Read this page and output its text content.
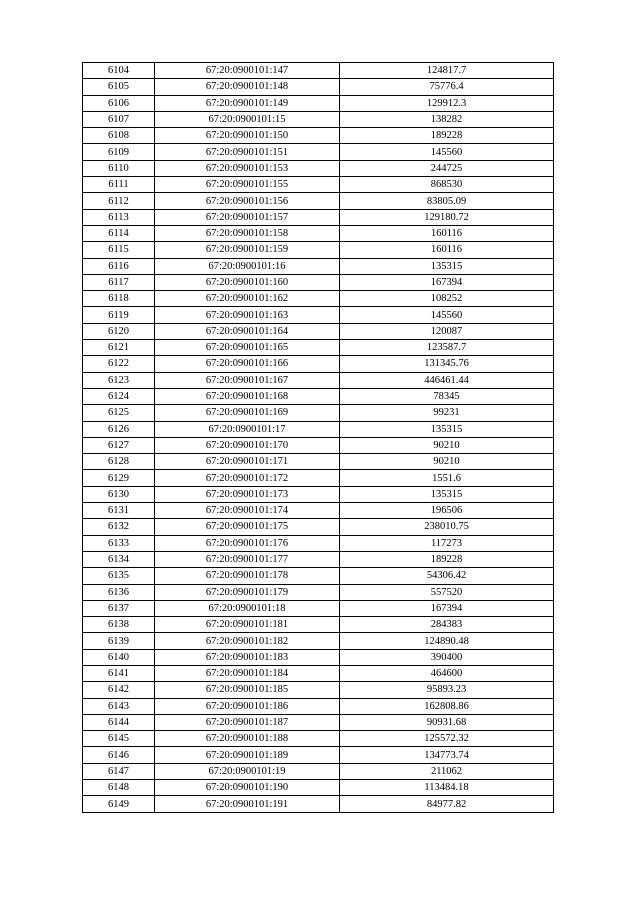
6104	67:20:0900101:147	124817.7
6105	67:20:0900101:148	75776.4
6106	67:20:0900101:149	129912.3
6107	67:20:0900101:15	138282
6108	67:20:0900101:150	189228
6109	67:20:0900101:151	145560
6110	67:20:0900101:153	244725
6111	67:20:0900101:155	868530
6112	67:20:0900101:156	83805.09
6113	67:20:0900101:157	129180.72
6114	67:20:0900101:158	160116
6115	67:20:0900101:159	160116
6116	67:20:0900101:16	135315
6117	67:20:0900101:160	167394
6118	67:20:0900101:162	108252
6119	67:20:0900101:163	145560
6120	67:20:0900101:164	120087
6121	67:20:0900101:165	123587.7
6122	67:20:0900101:166	131345.76
6123	67:20:0900101:167	446461.44
6124	67:20:0900101:168	78345
6125	67:20:0900101:169	99231
6126	67:20:0900101:17	135315
6127	67:20:0900101:170	90210
6128	67:20:0900101:171	90210
6129	67:20:0900101:172	1551.6
6130	67:20:0900101:173	135315
6131	67:20:0900101:174	196506
6132	67:20:0900101:175	238010.75
6133	67:20:0900101:176	117273
6134	67:20:0900101:177	189228
6135	67:20:0900101:178	54306.42
6136	67:20:0900101:179	557520
6137	67:20:0900101:18	167394
6138	67:20:0900101:181	284383
6139	67:20:0900101:182	124890.48
6140	67:20:0900101:183	390400
6141	67:20:0900101:184	464600
6142	67:20:0900101:185	95893.23
6143	67:20:0900101:186	162808.86
6144	67:20:0900101:187	90931.68
6145	67:20:0900101:188	125572.32
6146	67:20:0900101:189	134773.74
6147	67:20:0900101:19	211062
6148	67:20:0900101:190	113484.18
6149	67:20:0900101:191	84977.82
